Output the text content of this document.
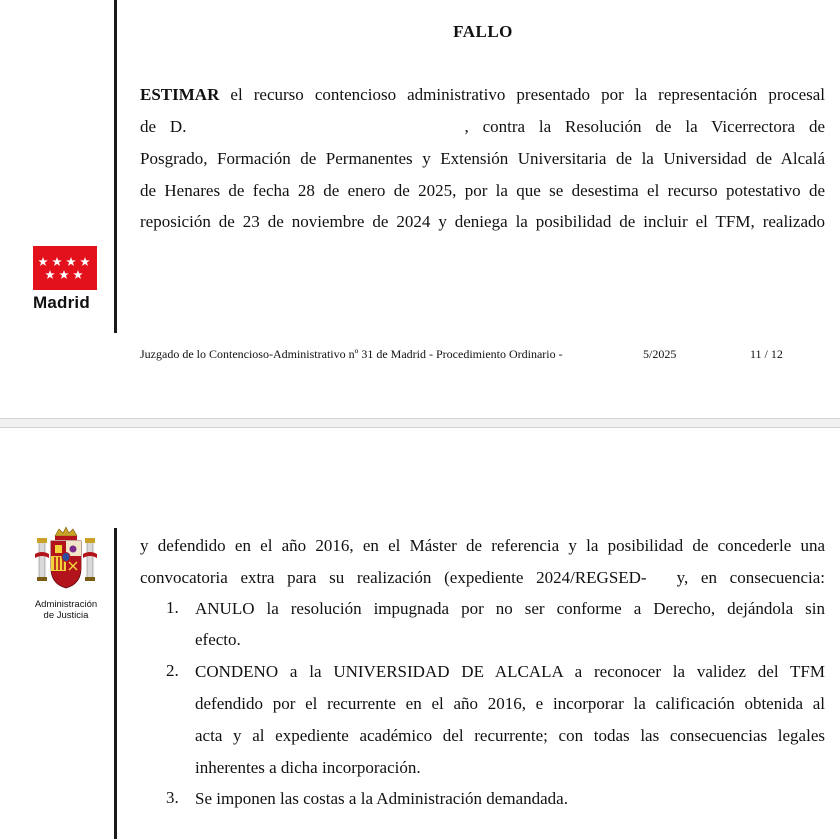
FALLO
ESTIMAR el recurso contencioso administrativo presentado por la representación procesal
de D.	, contra la Resolución de la Vicerrectora de
Posgrado, Formación de Permanentes y Extensión Universitaria de la Universidad de Alcalá
de Henares de fecha 28 de enero de 2025, por la que se desestima el recurso potestativo de
reposición de 23 de noviembre de 2024 y deniega la posibilidad de incluir el TFM, realizado
Madrid
Juzgado de lo Contencioso-Administrativo nº 31 de Madrid - Procedimiento Ordinario -	5/2025	11 / 12
Administración
de Justicia
y defendido en el año 2016, en el Máster de referencia y la posibilidad de concederle una
convocatoria extra para su realización (expediente 2024/REGSED- y, en consecuencia:
1. ANULO la resolución impugnada por no ser conforme a Derecho, dejándola sin
efecto.
2. CONDENO a la UNIVERSIDAD DE ALCALA a reconocer la validez del TFM
defendido por el recurrente en el año 2016, e incorporar la calificación obtenida al
acta y al expediente académico del recurrente; con todas las consecuencias legales
inherentes a dicha incorporación.
3. Se imponen las costas a la Administración demandada.
